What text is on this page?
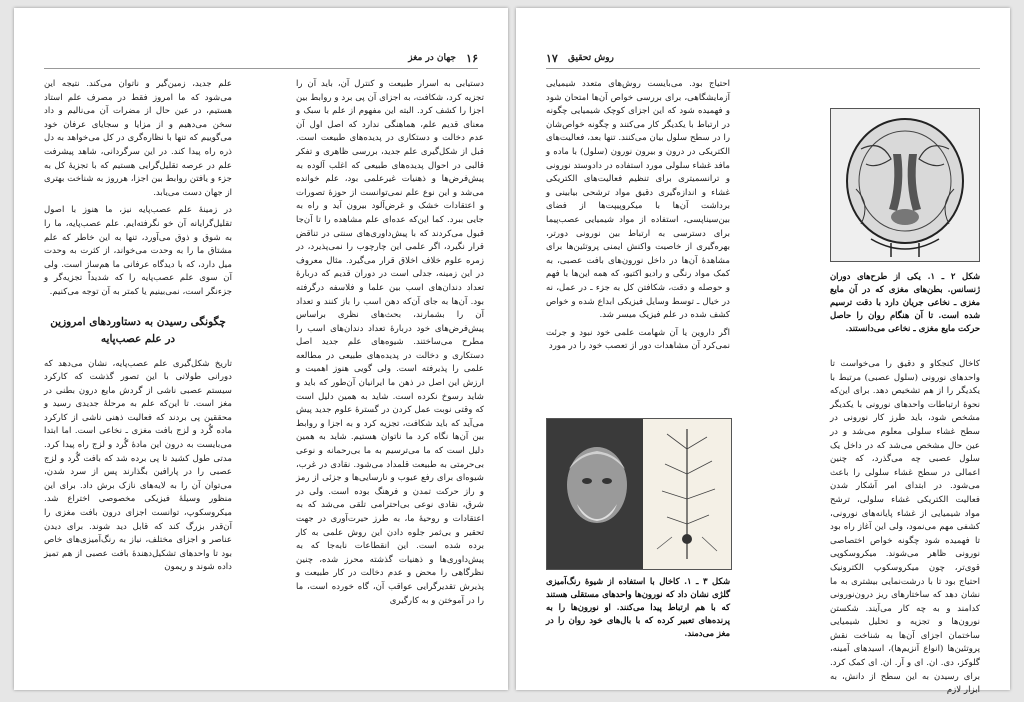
۱۶
جهان در مغز

دستیابی به اسرار طبیعت و کنترل آن، باید آن را تجزیه کرد، شکافت، به اجزای آن پی برد و روابط بین اجزا را کشف کرد. البته این مفهوم از علم با سبک و معنای قدیم علم، هماهنگی ندارد که اصل اول آن عدم دخالت و دستکاری در پدیده‌های طبیعت است. قبل از شکل‌گیری علم جدید، بررسی ظاهری و تفکر قالبی در احوال پدیده‌های طبیعی که اغلب آلوده به پیش‌فرض‌ها و ذهنیات غیرعلمی بود، علم خوانده می‌شد و این نوع علم نمی‌توانست از حوزهٔ تصورات و اعتقادات خشک و غرض‌آلود بیرون آید و راه به جایی ببرد. کما این‌که عده‌ای علم مشاهده را تا آن‌جا قبول می‌کردند که با پیش‌داوری‌های سنتی در تناقض قرار نگیرد، اگر علمی این چارچوب را نمی‌پذیرد، در زمره علوم خلاف اخلاق قرار می‌گیرد. مثال معروف در این زمینه، جدلی است در دوران قدیم که دربارهٔ تعداد دندان‌های اسب بین علما و فلاسفه درگرفته بود. آن‌ها به جای آن‌که دهن اسب را باز کنند و تعداد آن را بشمارند، بحث‌های نظری براساس پیش‌فرض‌های خود دربارهٔ تعداد دندان‌های اسب را مطرح می‌ساختند. شیوه‌های علم جدید اصل دستکاری و دخالت در پدیده‌های طبیعی در مطالعه علمی را پذیرفته است. ولی گویی هنوز اهمیت و ارزش این اصل در ذهن ما ایرانیان آن‌طور که باید و شاید رسوخ نکرده است. شاید به همین دلیل است که وقتی نوبت عمل کردن در گسترهٔ علوم جدید پیش می‌آید که باید شکافت، تجزیه کرد و به اجزا و روابط بین آن‌ها نگاه کرد ما ناتوان هستیم. شاید به همین دلیل است که ما می‌ترسیم به ما بی‌رحمانه و نوعی بی‌حرمتی به طبیعت قلمداد می‌شود. نقادی در غرب، شیوه‌ای برای رفع عیوب و نارسایی‌ها و جزئی از رمز و راز حرکت تمدن و فرهنگ بوده است. ولی در شرق، نقادی نوعی بی‌احترامی تلقی می‌شد که به اعتقادات و روحیهٔ ما، به طرز حیرت‌آوری در جهت تحقیر و بی‌ثمر جلوه دادن این روش علمی به کار برده شده است. این انقطاعات نابه‌جا که به پیش‌داوری‌ها و ذهنیات گذشته محرز شده، چنین نظرگاهی را محض و عدم دخالت در کار طبیعت و پذیرش تقدیرگرایی عواقب آن، گاه خورده است، ما را در آموختن و به کارگیری

علم جدید، زمین‌گیر و ناتوان می‌کند. نتیجه این می‌شود که ما امروز فقط در مصرف علم استاد هستیم، در عین حال از مضرات آن می‌نالیم و داد سخن می‌دهیم و از مزایا و سجایای عرفان خود می‌گوییم که تنها با نظاره‌گری در کل می‌خواهد به دل ذره راه پیدا کند. در این سرگردانی، شاهد پیشرفت علم در عرصه تقلیل‌گرایی هستیم که با تجزیهٔ کل به جزء و یافتن روابط بین اجزا، هرروز به شناخت بهتری از جهان دست می‌یابد.

در زمینهٔ علم عصب‌پایه نیز، ما هنوز با اصول تقلیل‌گرایانه آن خو نگرفته‌ایم. علم عصب‌پایه، ما را به شوق و ذوق می‌آورد، تنها به این خاطر که علم مشتاق ما را به وحدت می‌خواند، از کثرت به وحدت میل دارد، که با دیدگاه عرفانی ما هم‌ساز است. ولی آن سوی علم عصب‌پایه را که شدیداً تجزیه‌گر و جزءنگر است، نمی‌بینیم یا کمتر به آن توجه می‌کنیم.

چگونگی رسیدن به دستاوردهای امروزین در علم عصب‌پایه

تاریخ شکل‌گیری علم عصب‌پایه، نشان می‌دهد که دورانی طولانی با این تصور گذشت که کارکرد سیستم عصبی ناشی از گردش مایع درون بطنی در مغز است. تا این‌که علم به مرحلهٔ جدیدی رسید و محققین پی بردند که فعالیت ذهنی ناشی از کارکرد ماده گُرد و لزج بافت مغزی ـ نخاعی است. اما ابتدا می‌بایست به درون این مادهٔ گُرد و لزج راه پیدا کرد. مدتی طول کشید تا پی برده شد که بافت گُرد و لزج عصبی را در پارافین بگذارند پس از سرد شدن، می‌توان آن را به لایه‌های نازک برش داد. برای این منظور وسیلهٔ فیزیکی مخصوصی اختراع شد. میکروسکوپ، توانست اجزای درون بافت مغزی را آن‌قدر بزرگ کند که قابل دید شوند. برای دیدن عناصر و اجزای مختلف، نیاز به رنگ‌آمیزی‌های خاص بود تا واحدهای تشکیل‌دهندهٔ بافت عصبی از هم تمیز داده شوند و ریمون

۱۷ روش تحقیق
شکل ۲ ـ ۱. یکی از طرح‌های دوران ژنسانس. بطن‌های مغزی که در آن مایع مغزی ـ نخاعی جریان دارد با دقت ترسیم شده است. تا آن هنگام روان را حاصل حرکت مایع مغزی ـ نخاعی می‌دانستند.
شکل ۳ ـ ۱. کاخال با استفاده از شیوهٔ رنگ‌آمیزی گلژی نشان داد که نورون‌ها واحدهای مستقلی هستند که با هم ارتباط پیدا می‌کنند. او نورون‌ها را به پرنده‌های تعبیر کرده که با بال‌های خود روان را در مغز می‌دمند.

احتیاج بود. می‌بایست روش‌های متعدد شیمیایی آزمایشگاهی، برای بررسی خواص آن‌ها امتحان شود و فهمیده شود که این اجزای کوچک شیمیایی چگونه در ارتباط با یکدیگر کار می‌کنند و چگونه خواص‌شان را در سطح سلول بیان می‌کنند. تنها بعد، فعالیت‌های الکتریکی در درون و بیرون نورون (سلول) با ماده و مافد غشاء سلولی مورد استفاده در دادوستد نورونی و ترانسمیتری برای تنظیم فعالیت‌های الکتریکی غشاء و اندازه‌گیری دقیق مواد ترشحی بیابینی و برداشت آن‌ها با میکروپیپت‌ها از فضای بین‌سیناپسی، استفاده از مواد شیمیایی عصب‌پیما برای دسترسی به ارتباط بین نورونی دورتر، بهره‌گیری از خاصیت واکنش ایمنی پروتئین‌ها برای مشاهدهٔ آن‌ها در داخل نورون‌های بافت عصبی، به کمک مواد رنگی و رادیو اکتیو، که همه این‌ها با فهم و حوصله و دقت، شکافتن کل به جزء ـ در عمل، نه در خیال ـ توسط وسایل فیزیکی ابداع شده و خواص کشف شده در علم فیزیک میسر شد.

اگر داروین یا آن شهامت علمی خود نبود و جرئت نمی‌کرد آن مشاهدات دور از تعصب خود را در مورد

کاخال کنجکاو و دقیق را می‌خواست تا واحدهای نورونی (سلول عصبی) مرتبط با یکدیگر را از هم تشخیص دهد. برای این‌که نحوهٔ ارتباطات واحدهای نورونی با یکدیگر مشخص شود، باید طرز کار نورونی در سطح غشاء سلولی معلوم می‌شد و در عین حال مشخص می‌شد که در داخل یک سلول عصبی چه می‌گذرد، که چنین اعمالی در سطح غشاء سلولی را باعث می‌شود. در ابتدای امر آشکار شدن فعالیت الکتریکی غشاء سلولی، ترشح مواد شیمیایی از غشاء پایانه‌های نورونی، کشفی مهم می‌نمود، ولی این آغاز راه بود تا فهمیده شود چگونه خواص اختصاصی نورونی ظاهر می‌شوند. میکروسکوپی قوی‌تر، چون میکروسکوپ الکترونیک احتیاج بود تا با درشت‌نمایی بیشتری به ما نشان دهد که ساختارهای ریز درون‌نورونی کدامند و به چه کار می‌آیند. شکستن نورون‌ها و تجزیه و تحلیل شیمیایی ساختمان اجزای آن‌ها به شناخت نقش پروتئین‌ها (انواع آنزیم‌ها)، اسیدهای آمینه، گلوکز، دی. ان. ای و آر. ان. ای کمک کرد. برای رسیدن به این سطح از دانش، به ابزار لازم
